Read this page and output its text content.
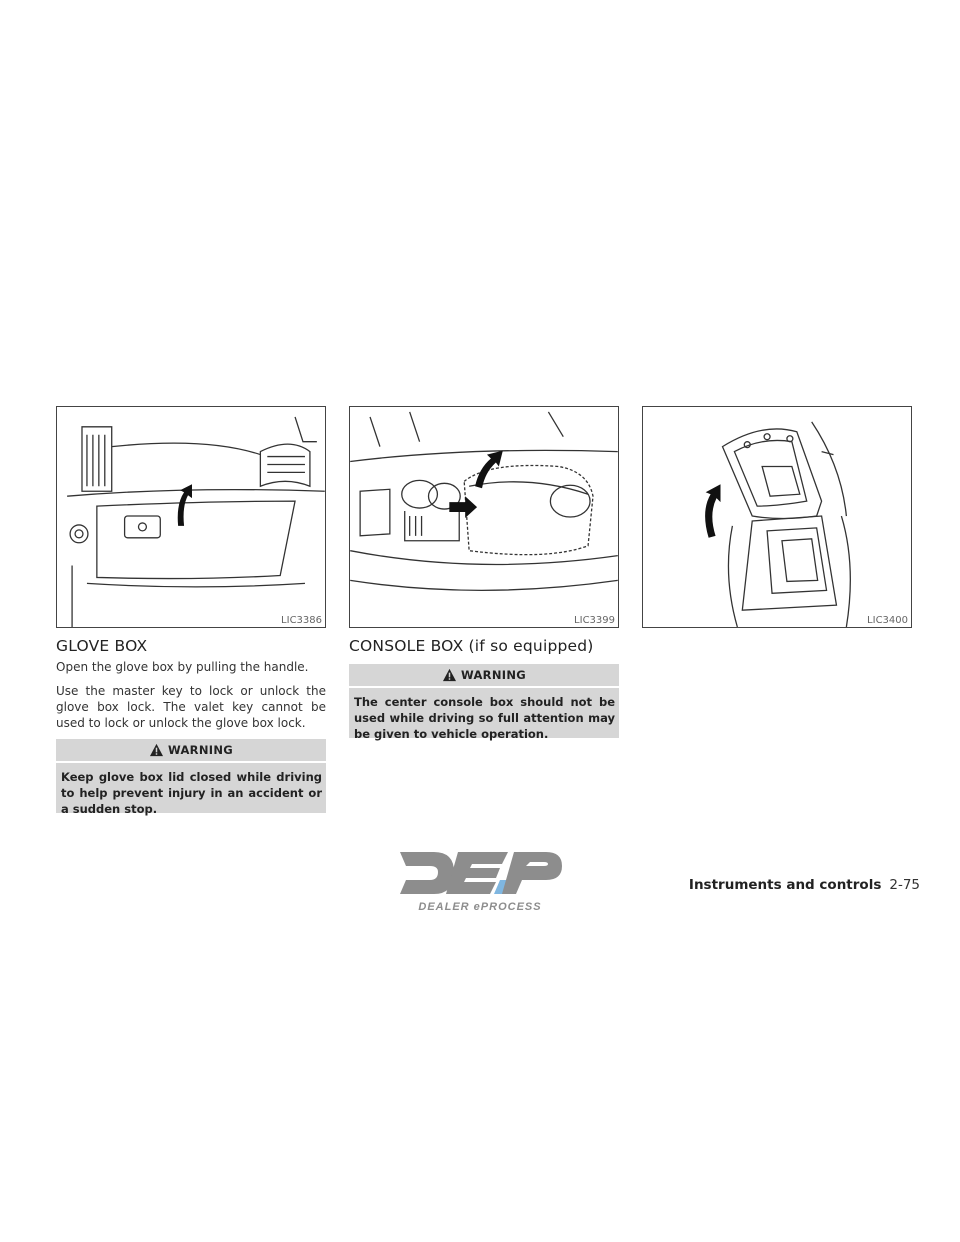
LIC3386	LIC3399	LIC3400
GLOVE BOX

Open the glove box by pulling the handle.

Use the master key to lock or unlock the glove box lock. The valet key cannot be used to lock or unlock the glove box lock.

WARNING
Keep glove box lid closed while driving to help prevent injury in an accident or a sudden stop.
CONSOLE BOX (if so equipped)
WARNING
The center console box should not be used while driving so full attention may be given to vehicle operation.
DEALER ePROCESS
Instruments and controls 2-75
